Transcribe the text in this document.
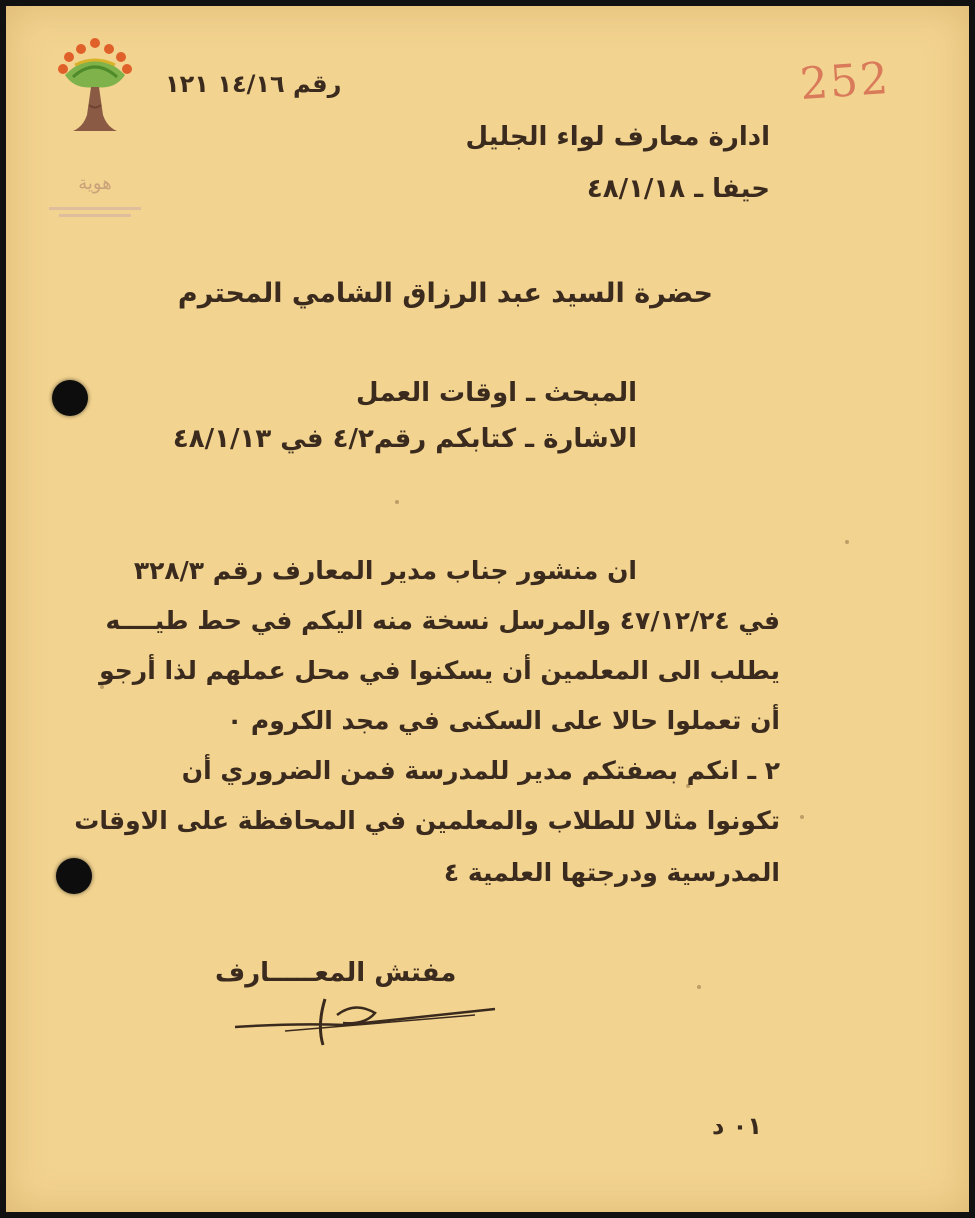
هوية
252
رقم ١٤/١٦ ١٢١
ادارة معارف لواء الجليل
حيفا ـ ٤٨/١/١٨
حضرة السيد عبد الرزاق الشامي المحترم
المبحث ـ اوقات العمل
الاشارة ـ كتابكم رقم٤/٢ في ٤٨/١/١٣
ان منشور جناب مدير المعارف رقم ٣٢٨/٣
في ٤٧/١٢/٢٤ والمرسل نسخة منه اليكم في حط طيــــه
يطلب الى المعلمين أن يسكنوا في محل عملهم لذا أرجو
أن تعملوا حالا على السكنى في مجد الكروم ٠
٢ ـ انكم بصفتكم مدير للمدرسة فمن الضروري أن
تكونوا مثالا للطلاب والمعلمين في المحافظة على الاوقات
المدرسية ودرجتها العلمية ٤
مفتش المعـــــارف
٠١ د
